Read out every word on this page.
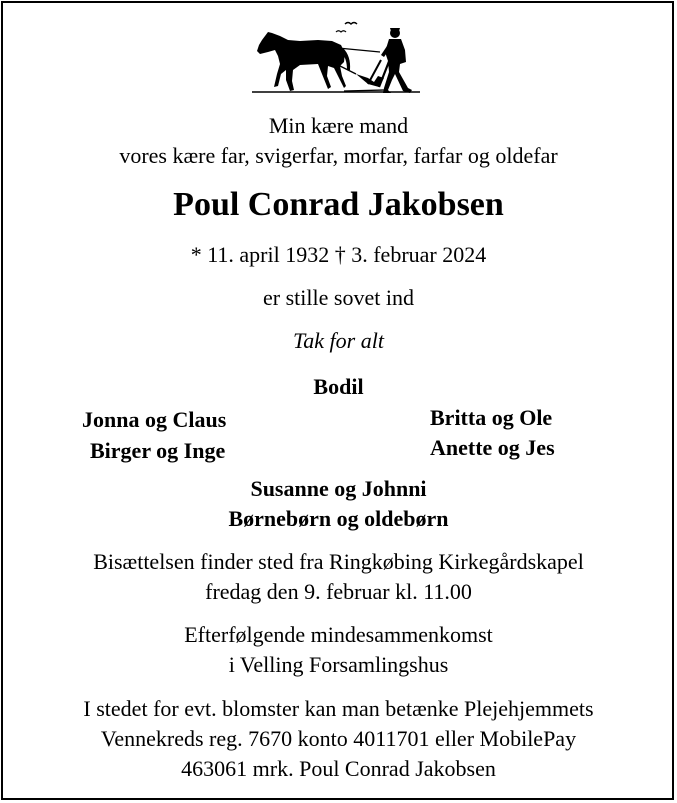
Min kære mand
vores kære far, svigerfar, morfar, farfar og oldefar
Poul Conrad Jakobsen
* 11. april 1932 † 3. februar 2024
er stille sovet ind
Tak for alt
Bodil
Jonna og Claus
Birger og Inge
Britta og Ole
Anette og Jes
Susanne og Johnni
Børnebørn og oldebørn
Bisættelsen finder sted fra Ringkøbing Kirkegårdskapel
fredag den 9. februar kl. 11.00
Efterfølgende mindesammenkomst
i Velling Forsamlingshus
I stedet for evt. blomster kan man betænke Plejehjemmets
Vennekreds reg. 7670 konto 4011701 eller MobilePay
463061 mrk. Poul Conrad Jakobsen
